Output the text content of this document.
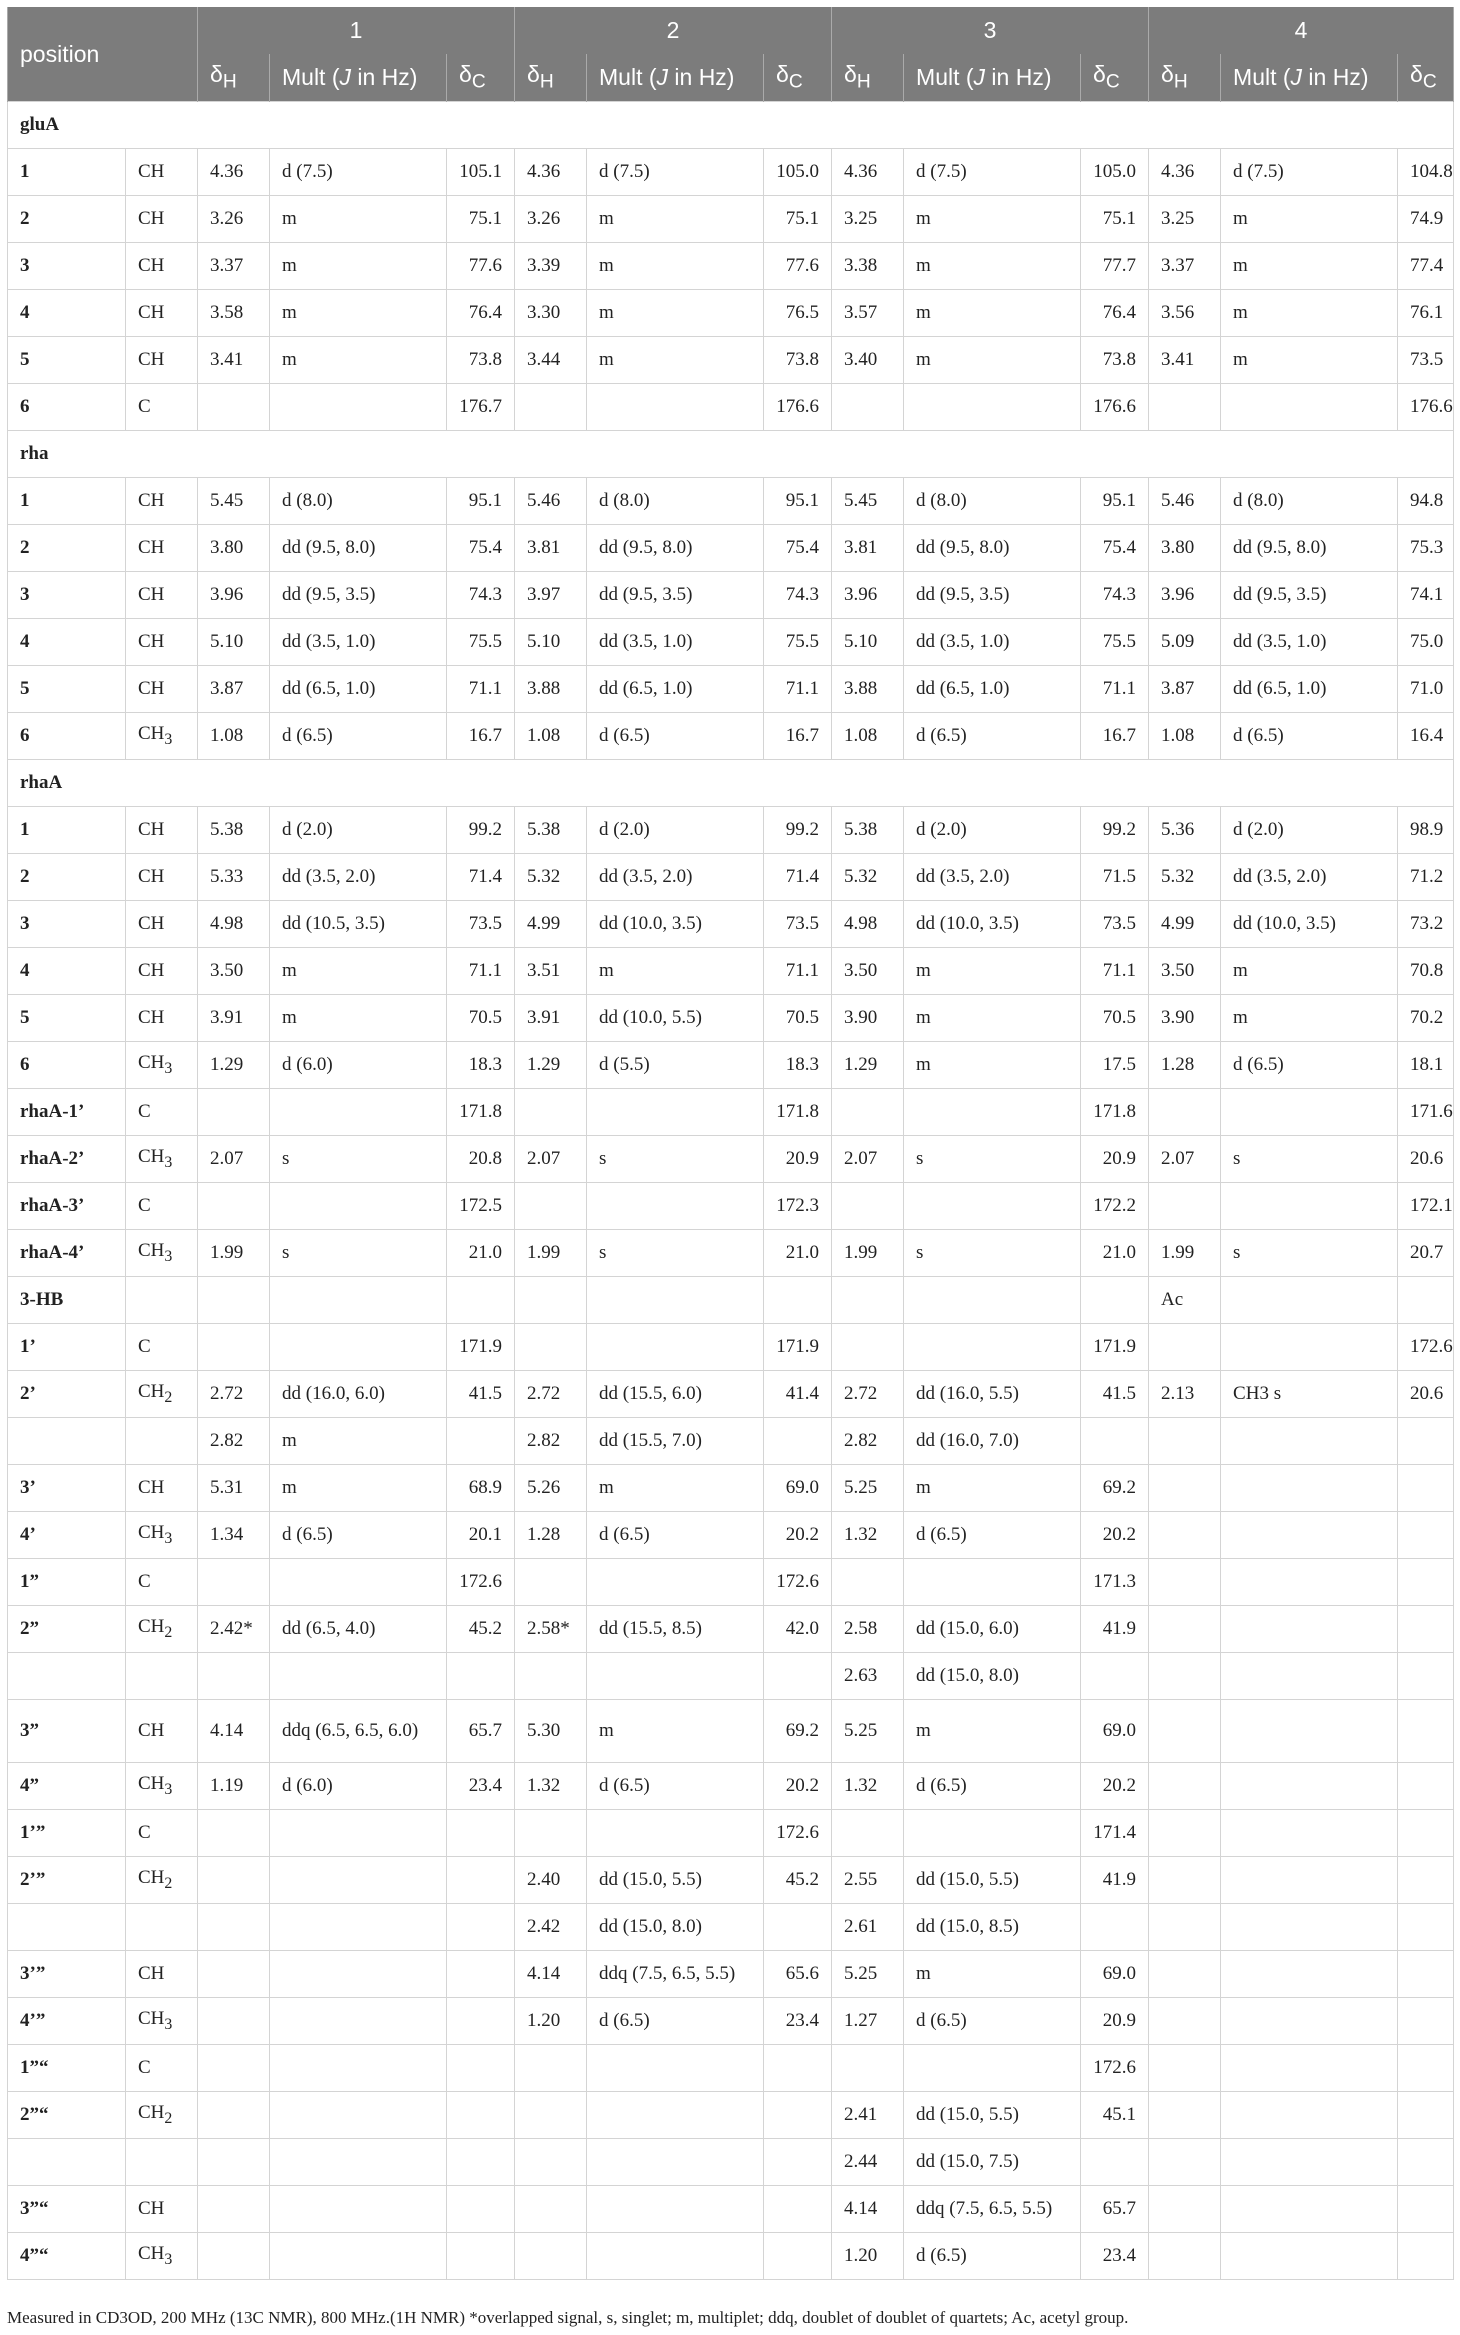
position		1			2			3			4		
		$\delta_H$	Mult (J in Hz)	$\delta_C$	$\delta_H$	Mult (J in Hz)	$\delta_C$	$\delta_H$	Mult (J in Hz)	$\delta_C$	$\delta_H$	Mult (J in Hz)	$\delta_C$
gluA													
1	CH	4.36	d (7.5)	105.1	4.36	d (7.5)	105.0	4.36	d (7.5)	105.0	4.36	d (7.5)	104.8
2	CH	3.26	m	75.1	3.26	m	75.1	3.25	m	75.1	3.25	m	74.9
3	CH	3.37	m	77.6	3.39	m	77.6	3.38	m	77.7	3.37	m	77.4
4	CH	3.58	m	76.4	3.30	m	76.5	3.57	m	76.4	3.56	m	76.1
5	CH	3.41	m	73.8	3.44	m	73.8	3.40	m	73.8	3.41	m	73.5
6	C			176.7			176.6			176.6			176.6
rha													
1	CH	5.45	d (8.0)	95.1	5.46	d (8.0)	95.1	5.45	d (8.0)	95.1	5.46	d (8.0)	94.8
2	CH	3.80	dd (9.5, 8.0)	75.4	3.81	dd (9.5, 8.0)	75.4	3.81	dd (9.5, 8.0)	75.4	3.80	dd (9.5, 8.0)	75.3
3	CH	3.96	dd (9.5, 3.5)	74.3	3.97	dd (9.5, 3.5)	74.3	3.96	dd (9.5, 3.5)	74.3	3.96	dd (9.5, 3.5)	74.1
4	CH	5.10	dd (3.5, 1.0)	75.5	5.10	dd (3.5, 1.0)	75.5	5.10	dd (3.5, 1.0)	75.5	5.09	dd (3.5, 1.0)	75.0
5	CH	3.87	dd (6.5, 1.0)	71.1	3.88	dd (6.5, 1.0)	71.1	3.88	dd (6.5, 1.0)	71.1	3.87	dd (6.5, 1.0)	71.0
6	$CH_3$	1.08	d (6.5)	16.7	1.08	d (6.5)	16.7	1.08	d (6.5)	16.7	1.08	d (6.5)	16.4
rhaA													
1	CH	5.38	d (2.0)	99.2	5.38	d (2.0)	99.2	5.38	d (2.0)	99.2	5.36	d (2.0)	98.9
2	CH	5.33	dd (3.5, 2.0)	71.4	5.32	dd (3.5, 2.0)	71.4	5.32	dd (3.5, 2.0)	71.5	5.32	dd (3.5, 2.0)	71.2
3	CH	4.98	dd (10.5, 3.5)	73.5	4.99	dd (10.0, 3.5)	73.5	4.98	dd (10.0, 3.5)	73.5	4.99	dd (10.0, 3.5)	73.2
4	CH	3.50	m	71.1	3.51	m	71.1	3.50	m	71.1	3.50	m	70.8
5	CH	3.91	m	70.5	3.91	dd (10.0, 5.5)	70.5	3.90	m	70.5	3.90	m	70.2
6	$CH_3$	1.29	d (6.0)	18.3	1.29	d (5.5)	18.3	1.29	m	17.5	1.28	d (6.5)	18.1
rhaA-1’	C			171.8			171.8			171.8			171.6
rhaA-2’	$CH_3$	2.07	s	20.8	2.07	s	20.9	2.07	s	20.9	2.07	s	20.6
rhaA-3’	C			172.5			172.3			172.2			172.1
rhaA-4’	$CH_3$	1.99	s	21.0	1.99	s	21.0	1.99	s	21.0	1.99	s	20.7
3-HB											Ac		
1’	C			171.9			171.9			171.9			172.6
2’	$CH_2$	2.72	dd (16.0, 6.0)	41.5	2.72	dd (15.5, 6.0)	41.4	2.72	dd (16.0, 5.5)	41.5	2.13	CH3 s	20.6
		2.82	m		2.82	dd (15.5, 7.0)		2.82	dd (16.0, 7.0)				
3’	CH	5.31	m	68.9	5.26	m	69.0	5.25	m	69.2			
4’	$CH_3$	1.34	d (6.5)	20.1	1.28	d (6.5)	20.2	1.32	d (6.5)	20.2			
1”	C			172.6			172.6			171.3			
2”	$CH_2$	2.42*	dd (6.5, 4.0)	45.2	2.58*	dd (15.5, 8.5)	42.0	2.58	dd (15.0, 6.0)	41.9			
								2.63	dd (15.0, 8.0)				
3”	CH	4.14	ddq (6.5, 6.5, 6.0)	65.7	5.30	m	69.2	5.25	m	69.0			
4”	$CH_3$	1.19	d (6.0)	23.4	1.32	d (6.5)	20.2	1.32	d (6.5)	20.2			
1’”	C						172.6			171.4			
2’”	$CH_2$				2.40	dd (15.0, 5.5)	45.2	2.55	dd (15.0, 5.5)	41.9			
					2.42	dd (15.0, 8.0)		2.61	dd (15.0, 8.5)				
3’”	CH				4.14	ddq (7.5, 6.5, 5.5)	65.6	5.25	m	69.0			
4’”	$CH_3$				1.20	d (6.5)	23.4	1.27	d (6.5)	20.9			
1”“	C									172.6			
2”“	$CH_2$							2.41	dd (15.0, 5.5)	45.1			
								2.44	dd (15.0, 7.5)				
3”“	CH							4.14	ddq (7.5, 6.5, 5.5)	65.7			
4”“	$CH_3$							1.20	d (6.5)	23.4			
Measured in CD3OD, 200 MHz (13C NMR), 800 MHz.(1H NMR) *overlapped signal, s, singlet; m, multiplet; ddq, doublet of doublet of quartets; Ac, acetyl group.
